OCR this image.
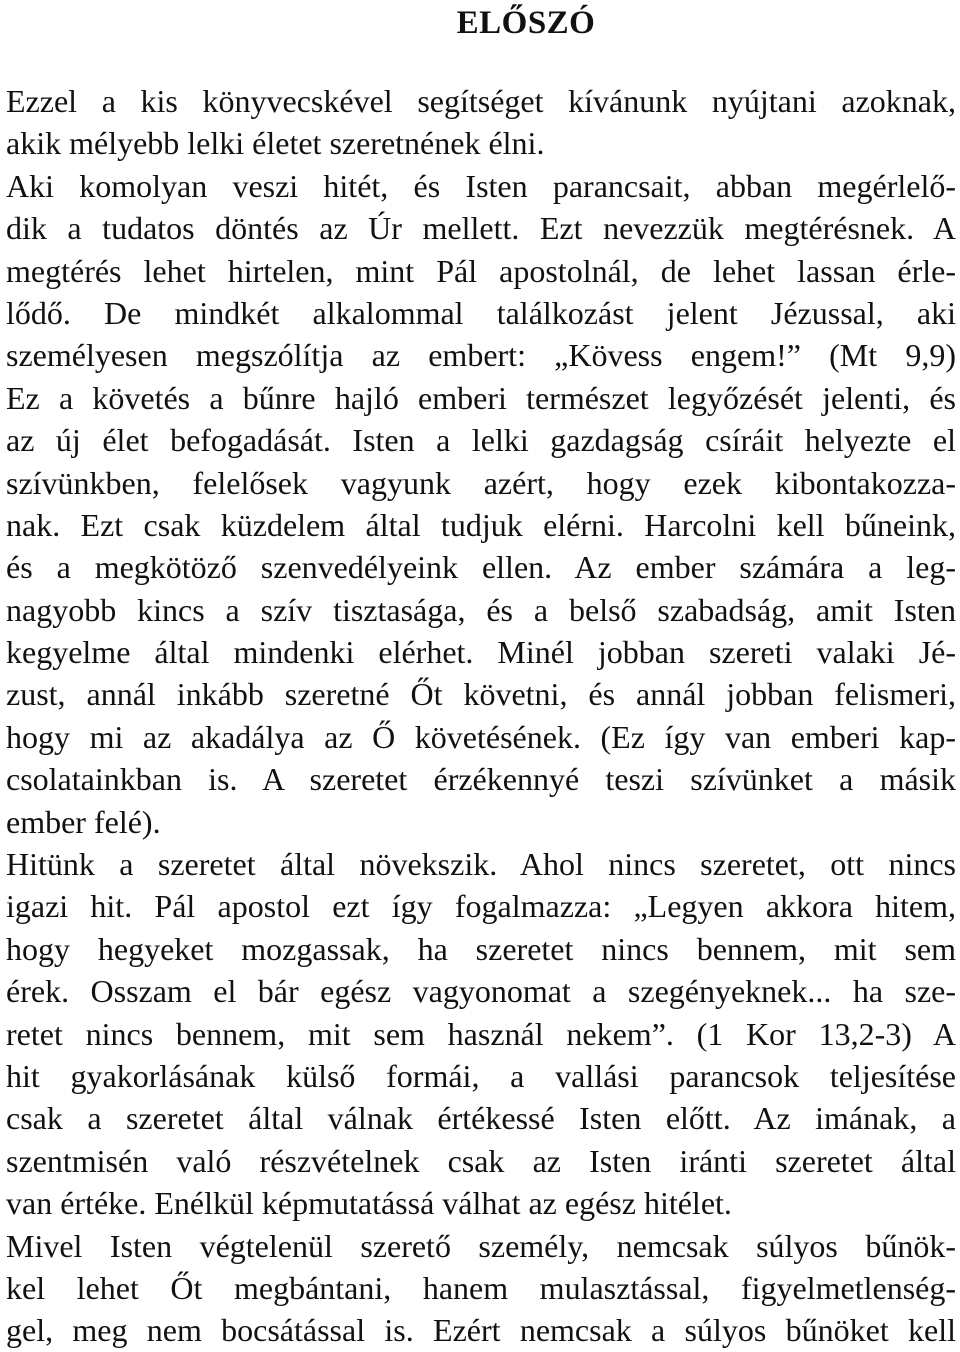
ELŐSZÓ
Ezzel a kis könyvecskével segítséget kívánunk nyújtani azoknak,
akik mélyebb lelki életet szeretnének élni.
Aki komolyan veszi hitét, és Isten parancsait, abban megérlelő-
dik a tudatos döntés az Úr mellett. Ezt nevezzük megtérésnek. A
megtérés lehet hirtelen, mint Pál apostolnál, de lehet lassan érle-
lődő. De mindkét alkalommal találkozást jelent Jézussal, aki
személyesen megszólítja az embert: „Kövess engem!” (Mt 9,9)
Ez a követés a bűnre hajló emberi természet legyőzését jelenti, és
az új élet befogadását. Isten a lelki gazdagság csíráit helyezte el
szívünkben, felelősek vagyunk azért, hogy ezek kibontakozza-
nak. Ezt csak küzdelem által tudjuk elérni. Harcolni kell bűneink,
és a megkötöző szenvedélyeink ellen. Az ember számára a leg-
nagyobb kincs a szív tisztasága, és a belső szabadság, amit Isten
kegyelme által mindenki elérhet. Minél jobban szereti valaki Jé-
zust, annál inkább szeretné Őt követni, és annál jobban felismeri,
hogy mi az akadálya az Ő követésének. (Ez így van emberi kap-
csolatainkban is. A szeretet érzékennyé teszi szívünket a másik
ember felé).
Hitünk a szeretet által növekszik. Ahol nincs szeretet, ott nincs
igazi hit. Pál apostol ezt így fogalmazza: „Legyen akkora hitem,
hogy hegyeket mozgassak, ha szeretet nincs bennem, mit sem
érek. Osszam el bár egész vagyonomat a szegényeknek... ha sze-
retet nincs bennem, mit sem használ nekem”. (1 Kor 13,2-3) A
hit gyakorlásának külső formái, a vallási parancsok teljesítése
csak a szeretet által válnak értékessé Isten előtt. Az imának, a
szentmisén való részvételnek csak az Isten iránti szeretet által
van értéke. Enélkül képmutatássá válhat az egész hitélet.
Mivel Isten végtelenül szerető személy, nemcsak súlyos bűnök-
kel lehet Őt megbántani, hanem mulasztással, figyelmetlenség-
gel, meg nem bocsátással is. Ezért nemcsak a súlyos bűnöket kell
